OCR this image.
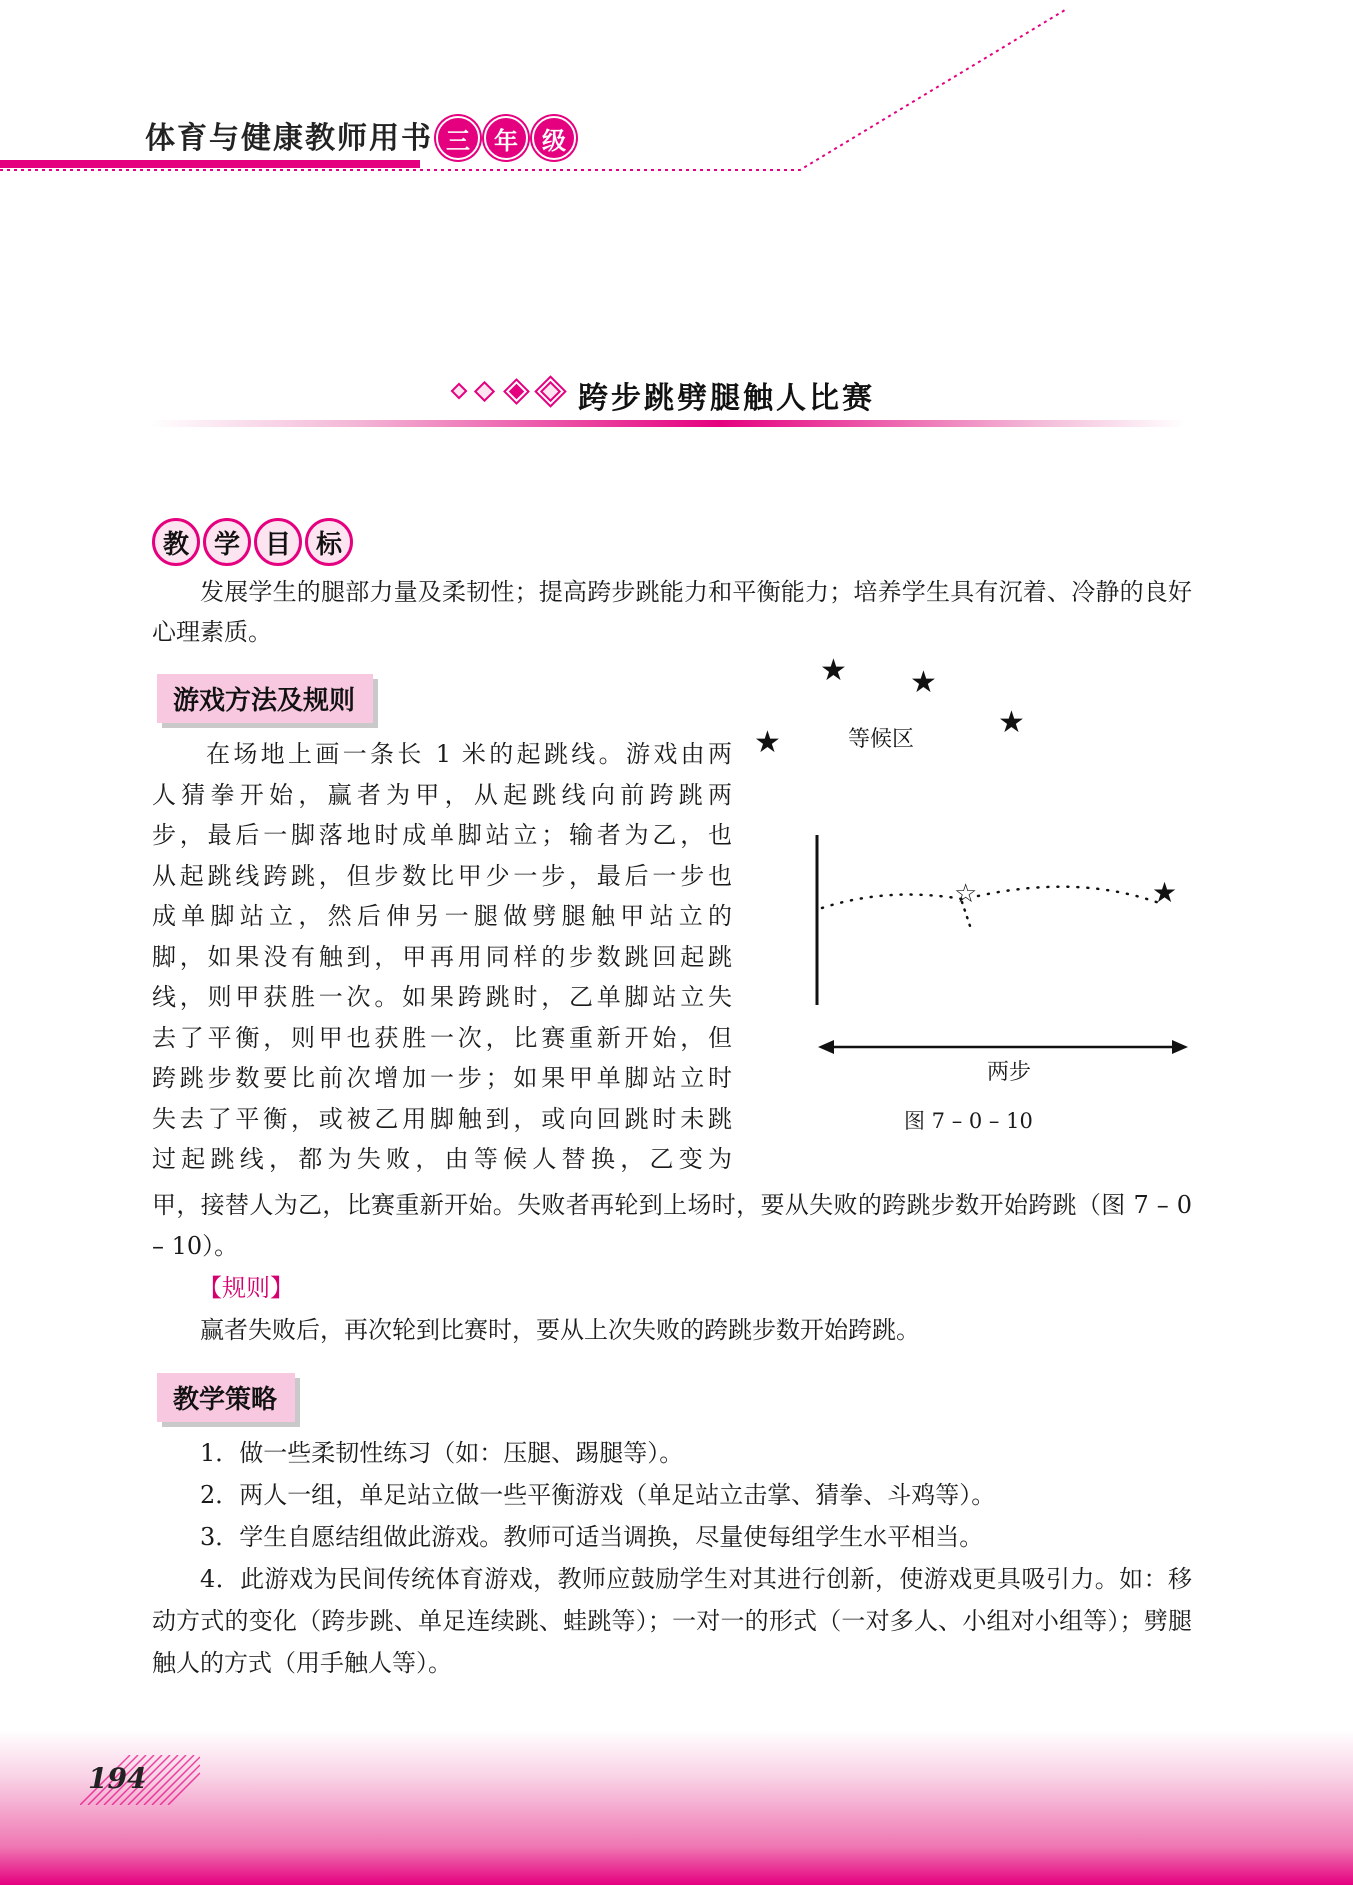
体育与健康教师用书 三	年	级
跨步跳劈腿触人比赛
教 学 目 标
发展学生的腿部力量及柔韧性；提高跨步跳能力和平衡能力；培养学生具有沉着、冷静的良好心理素质。
游戏方法及规则
在场地上画一条长 1 米的起跳线。游戏由两
人猜拳开始，赢者为甲，从起跳线向前跨跳两
步，最后一脚落地时成单脚站立；输者为乙，也
从起跳线跨跳，但步数比甲少一步，最后一步也
成单脚站立，然后伸另一腿做劈腿触甲站立的
脚，如果没有触到，甲再用同样的步数跳回起跳
线，则甲获胜一次。如果跨跳时，乙单脚站立失
去了平衡，则甲也获胜一次，比赛重新开始，但
跨跳步数要比前次增加一步；如果甲单脚站立时
失去了平衡，或被乙用脚触到，或向回跳时未跳
过起跳线，都为失败，由等候人替换，乙变为
★ ★
★
★	等候区
☆	★
两步
图 7 – 0 – 10
甲，接替人为乙，比赛重新开始。失败者再轮到上场时，要从失败的跨跳步数开始跨跳（图 7 – 0 – 10）。
【规则】
赢者失败后，再次轮到比赛时，要从上次失败的跨跳步数开始跨跳。
教学策略
1．做一些柔韧性练习（如：压腿、踢腿等）。
2．两人一组，单足站立做一些平衡游戏（单足站立击掌、猜拳、斗鸡等）。
3．学生自愿结组做此游戏。教师可适当调换，尽量使每组学生水平相当。
4．此游戏为民间传统体育游戏，教师应鼓励学生对其进行创新，使游戏更具吸引力。如：移动方式的变化（跨步跳、单足连续跳、蛙跳等）；一对一的形式（一对多人、小组对小组等）；劈腿触人的方式（用手触人等）。
194
